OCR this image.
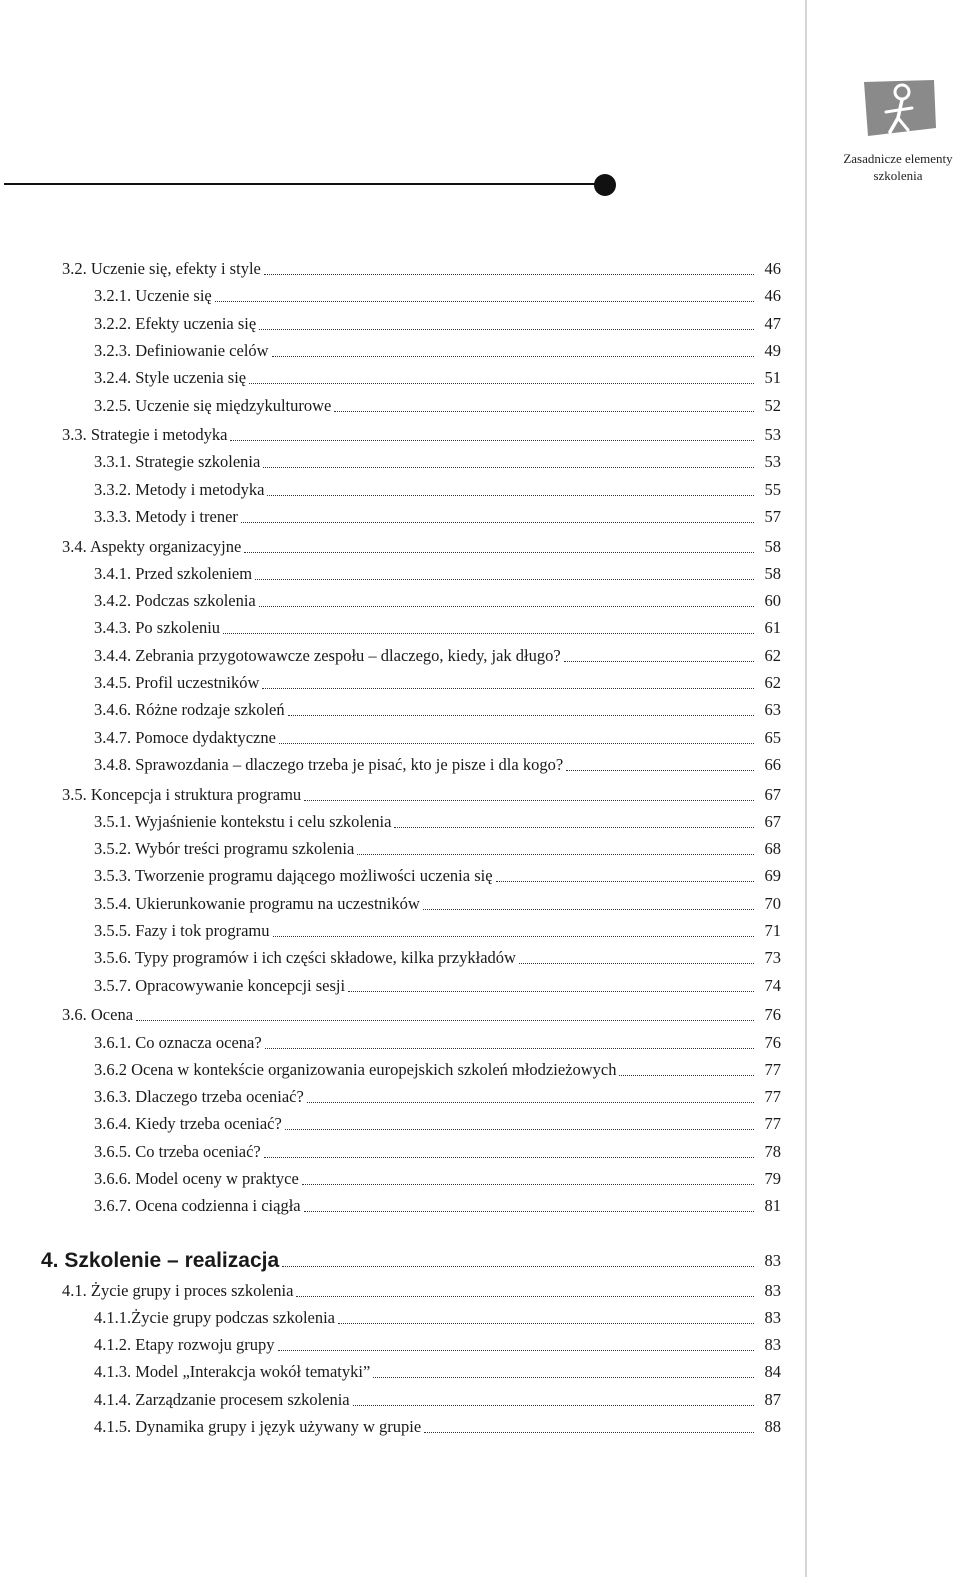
Zasadnicze elementy szkolenia
3.2. Uczenie się, efekty i style	46
3.2.1. Uczenie się	46
3.2.2. Efekty uczenia się	47
3.2.3. Definiowanie celów	49
3.2.4. Style uczenia się	51
3.2.5. Uczenie się międzykulturowe	52
3.3. Strategie i metodyka	53
3.3.1. Strategie szkolenia	53
3.3.2. Metody i metodyka	55
3.3.3. Metody i trener	57
3.4. Aspekty organizacyjne	58
3.4.1. Przed szkoleniem	58
3.4.2. Podczas szkolenia	60
3.4.3. Po szkoleniu	61
3.4.4. Zebrania przygotowawcze zespołu – dlaczego, kiedy, jak długo?	62
3.4.5. Profil uczestników	62
3.4.6. Różne rodzaje szkoleń	63
3.4.7. Pomoce dydaktyczne	65
3.4.8. Sprawozdania – dlaczego trzeba je pisać, kto je pisze i dla kogo?	66
3.5. Koncepcja i struktura programu	67
3.5.1. Wyjaśnienie kontekstu i celu szkolenia	67
3.5.2. Wybór treści programu szkolenia	68
3.5.3. Tworzenie programu dającego możliwości uczenia się	69
3.5.4. Ukierunkowanie programu na uczestników	70
3.5.5. Fazy i tok programu	71
3.5.6. Typy programów i ich części składowe, kilka przykładów	73
3.5.7. Opracowywanie koncepcji sesji	74
3.6. Ocena	76
3.6.1. Co oznacza ocena?	76
3.6.2 Ocena w kontekście organizowania europejskich szkoleń młodzieżowych	77
3.6.3. Dlaczego trzeba oceniać?	77
3.6.4. Kiedy trzeba oceniać?	77
3.6.5. Co trzeba oceniać?	78
3.6.6. Model oceny w praktyce	79
3.6.7. Ocena codzienna i ciągła	81
4. Szkolenie – realizacja	83
4.1. Życie grupy i proces szkolenia	83
4.1.1.Życie grupy podczas szkolenia	83
4.1.2. Etapy rozwoju grupy	83
4.1.3. Model „Interakcja wokół tematyki”	84
4.1.4. Zarządzanie procesem szkolenia	87
4.1.5. Dynamika grupy i język używany w grupie	88
